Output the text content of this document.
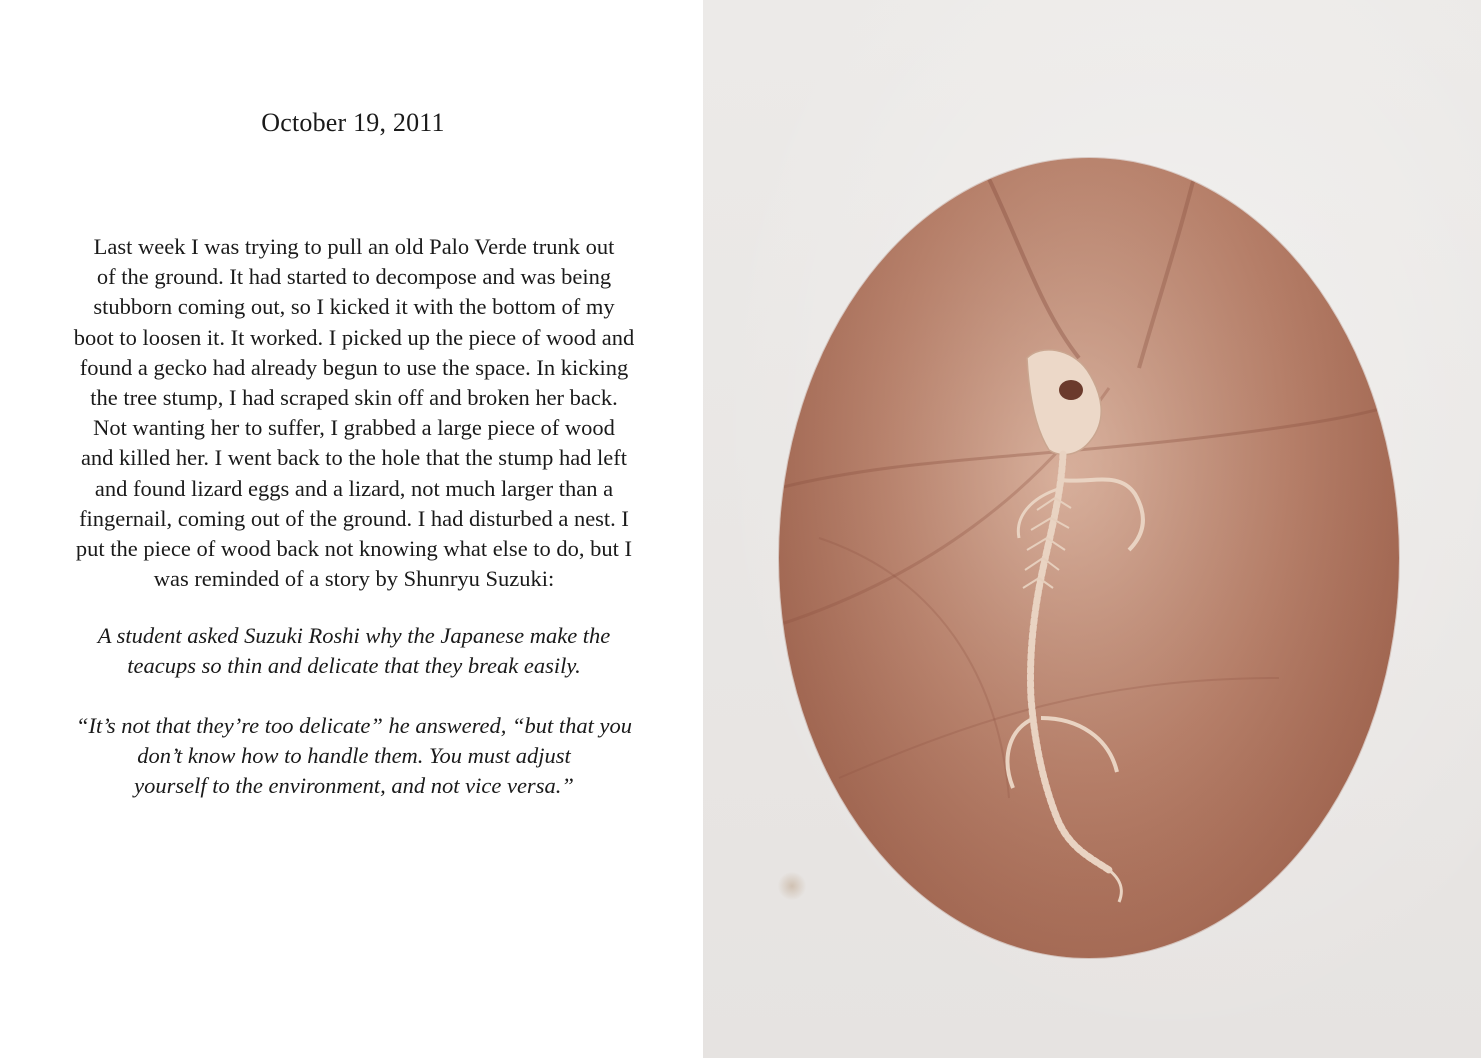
October 19, 2011
Last week I was trying to pull an old Palo Verde trunk out
of the ground. It had started to decompose and was being
stubborn coming out, so I kicked it with the bottom of my
boot to loosen it. It worked. I picked up the piece of wood and
found a gecko had already begun to use the space. In kicking
the tree stump, I had scraped skin off and broken her back.
Not wanting her to suffer, I grabbed a large piece of wood
and killed her. I went back to the hole that the stump had left
and found lizard eggs and a lizard, not much larger than a
fingernail, coming out of the ground. I had disturbed a nest. I
put the piece of wood back not knowing what else to do, but I
was reminded of a story by Shunryu Suzuki:
A student asked Suzuki Roshi why the Japanese make the
teacups so thin and delicate that they break easily.
“It’s not that they’re too delicate” he answered, “but that you
don’t know how to handle them. You must adjust
yourself to the environment, and not vice versa.”
